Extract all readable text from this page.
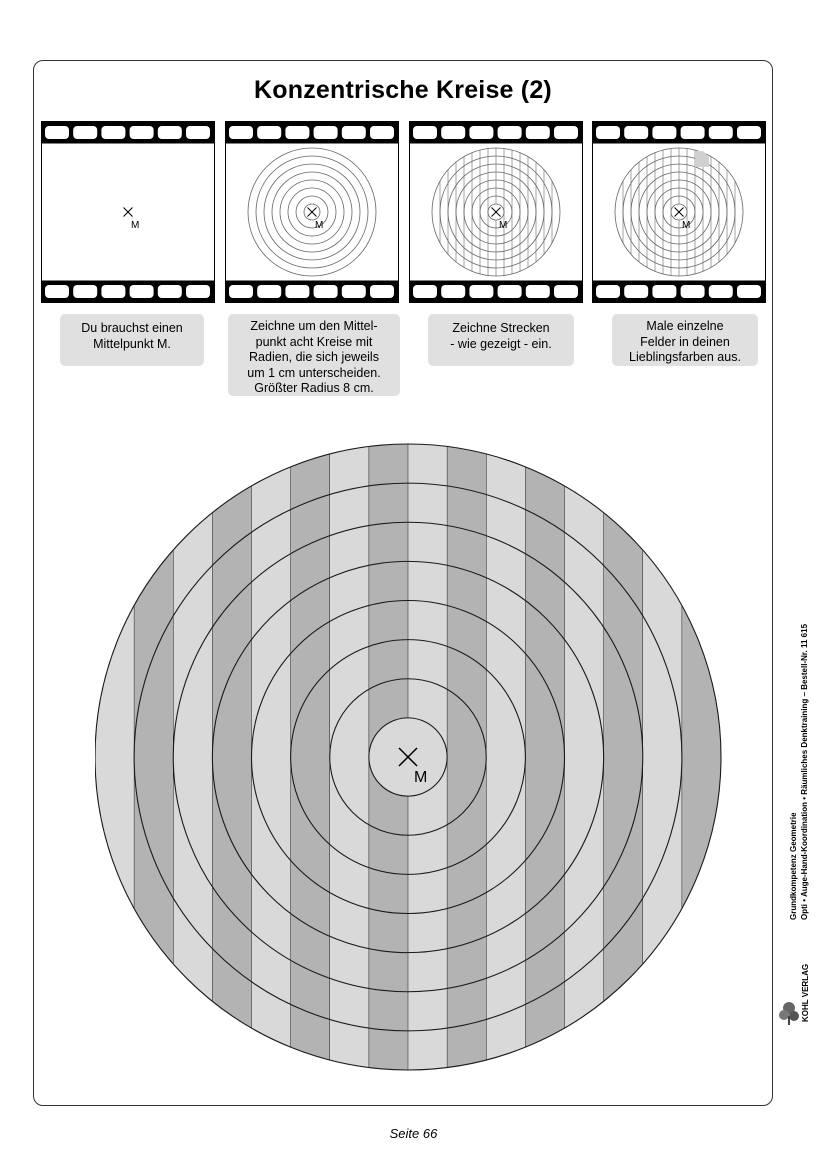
Konzentrische Kreise (2)
M	M	M	M
Du brauchst einen
Mittelpunkt M.
Zeichne um den Mittel-
punkt acht Kreise mit
Radien, die sich jeweils
um 1 cm unterscheiden.
Größter Radius 8 cm.
Zeichne Strecken
- wie gezeigt - ein.
Male einzelne
Felder in deinen
Lieblingsfarben aus.
M
KOHL VERLAG
Grundkompetenz Geometrie Opti • Auge-Hand-Koordination • Räumliches Denktraining – Bestell-Nr. 11 615
Seite 66
